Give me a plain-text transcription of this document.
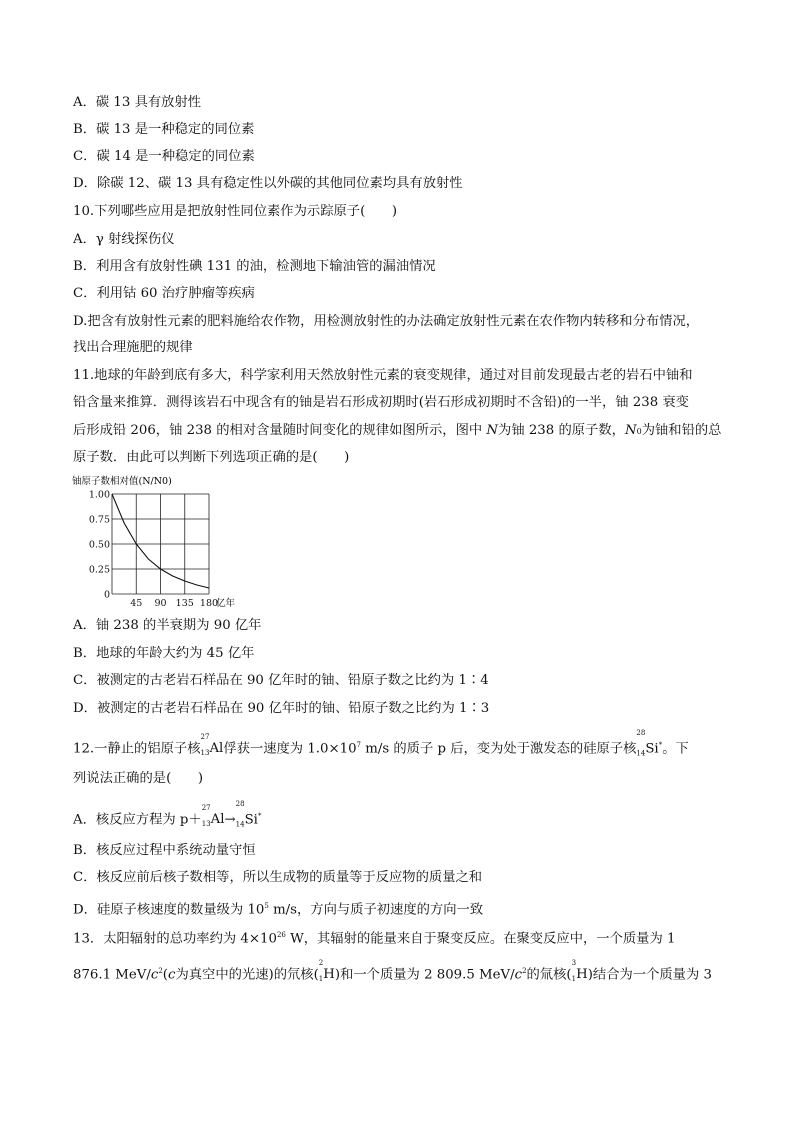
A．碳 13 具有放射性
B．碳 13 是一种稳定的同位素
C．碳 14 是一种稳定的同位素
D．除碳 12、碳 13 具有稳定性以外碳的其他同位素均具有放射性
10.下列哪些应用是把放射性同位素作为示踪原子(　　)
A．γ 射线探伤仪
B．利用含有放射性碘 131 的油，检测地下输油管的漏油情况
C．利用钴 60 治疗肿瘤等疾病
D.把含有放射性元素的肥料施给农作物，用检测放射性的办法确定放射性元素在农作物内转移和分布情况，
找出合理施肥的规律
11.地球的年龄到底有多大，科学家利用天然放射性元素的衰变规律，通过对目前发现最古老的岩石中铀和
铅含量来推算．测得该岩石中现含有的铀是岩石形成初期时(岩石形成初期时不含铅)的一半，铀 238 衰变
后形成铅 206，铀 238 的相对含量随时间变化的规律如图所示，图中 N为铀 238 的原子数，N0为铀和铅的总
原子数．由此可以判断下列选项正确的是(　　)
铀原子数相对值(N/N0)
0
0.25
0.50
0.75
1.00
45 90 135 180
亿年
A．铀 238 的半衰期为 90 亿年
B．地球的年龄大约为 45 亿年
C．被测定的古老岩石样品在 90 亿年时的铀、铅原子数之比约为 1∶4
D．被测定的古老岩石样品在 90 亿年时的铀、铅原子数之比约为 1∶3
12.一静止的铝原子核
27
$_{13}$Al俘获一速度为 $1.0\times 10^7$ m/s 的质子 p 后，变为处于激发态的硅原子核
28
$_{14}$Si*。下
列说法正确的是(　　)
A．核反应方程为 p＋
27
$_{13}$Al→
28
$_{14}$Si*
B．核反应过程中系统动量守恒
C．核反应前后核子数相等，所以生成物的质量等于反应物的质量之和
D．硅原子核速度的数量级为 $10^5$ m/s，方向与质子初速度的方向一致
13．太阳辐射的总功率约为 $4\times 10^{26}$ W，其辐射的能量来自于聚变反应。在聚变反应中，一个质量为 1
876.1 MeV/$c^2(c$为真空中的光速)的氘核(
2
$_1$H)和一个质量为 2 809.5 MeV/$c^2$的氚核(
3
$_1$H)结合为一个质量为 3
